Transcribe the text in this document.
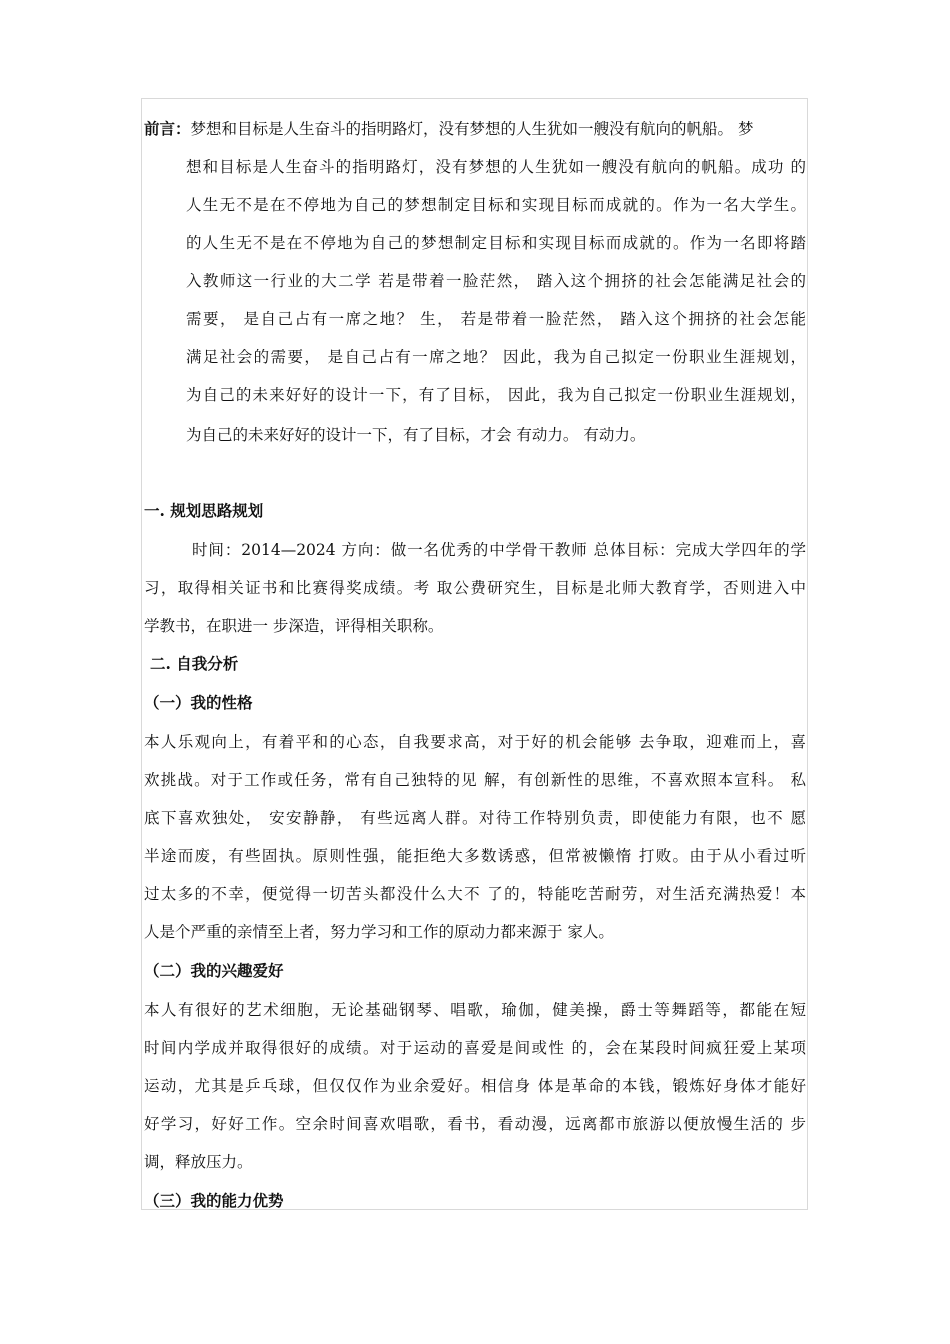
前言：梦想和目标是人生奋斗的指明路灯，没有梦想的人生犹如一艘没有航向的帆船。 梦
想和目标是人生奋斗的指明路灯，没有梦想的人生犹如一艘没有航向的帆船。成功 的
人生无不是在不停地为自己的梦想制定目标和实现目标而成就的。作为一名大学生。
的人生无不是在不停地为自己的梦想制定目标和实现目标而成就的。作为一名即将踏
入教师这一行业的大二学 若是带着一脸茫然， 踏入这个拥挤的社会怎能满足社会的
需要， 是自己占有一席之地？ 生， 若是带着一脸茫然， 踏入这个拥挤的社会怎能
满足社会的需要， 是自己占有一席之地？ 因此，我为自己拟定一份职业生涯规划，
为自己的未来好好的设计一下，有了目标， 因此，我为自己拟定一份职业生涯规划，
为自己的未来好好的设计一下，有了目标，才会 有动力。 有动力。
一. 规划思路规划
时间：2014—2024 方向：做一名优秀的中学骨干教师 总体目标：完成大学四年的学
习，取得相关证书和比赛得奖成绩。考 取公费研究生，目标是北师大教育学，否则进入中
学教书，在职进一 步深造，评得相关职称。
二. 自我分析
（一）我的性格
本人乐观向上，有着平和的心态，自我要求高，对于好的机会能够 去争取，迎难而上，喜
欢挑战。对于工作或任务，常有自己独特的见 解，有创新性的思维，不喜欢照本宣科。 私
底下喜欢独处， 安安静静， 有些远离人群。对待工作特别负责，即使能力有限，也不 愿
半途而废，有些固执。原则性强，能拒绝大多数诱惑，但常被懒惰 打败。由于从小看过听
过太多的不幸，便觉得一切苦头都没什么大不 了的，特能吃苦耐劳，对生活充满热爱！本
人是个严重的亲情至上者，努力学习和工作的原动力都来源于 家人。
（二）我的兴趣爱好
本人有很好的艺术细胞，无论基础钢琴、唱歌，瑜伽，健美操，爵士等舞蹈等，都能在短
时间内学成并取得很好的成绩。对于运动的喜爱是间或性 的，会在某段时间疯狂爱上某项
运动，尤其是乒乓球，但仅仅作为业余爱好。相信身 体是革命的本钱，锻炼好身体才能好
好学习，好好工作。空余时间喜欢唱歌，看书，看动漫，远离都市旅游以便放慢生活的 步
调，释放压力。
（三）我的能力优势
